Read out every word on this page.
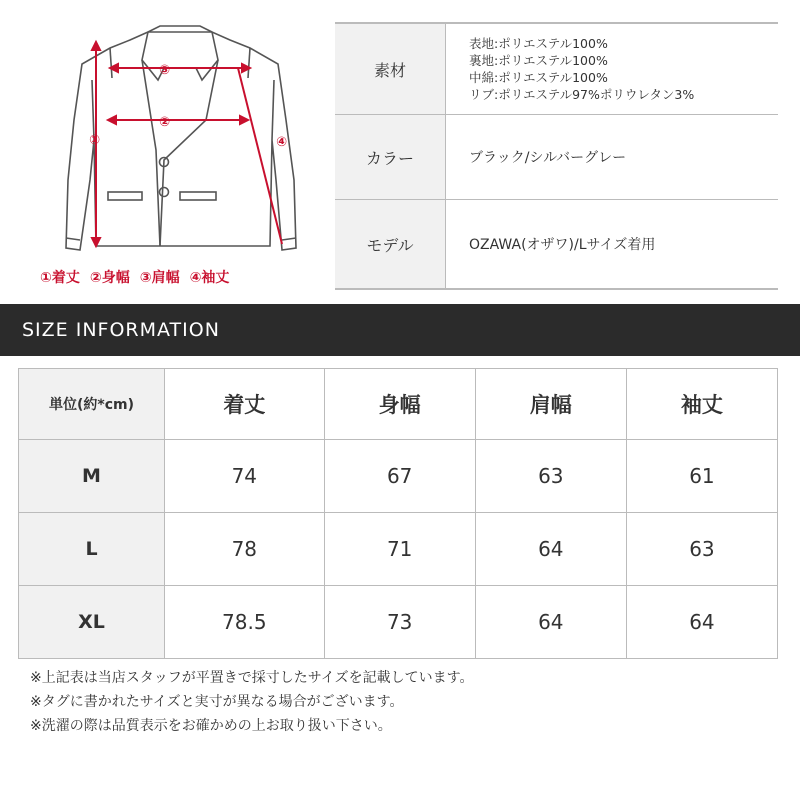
③
②
①	④
①着丈 ②身幅 ③肩幅 ④袖丈
素材
表地:ポリエステル100%
裏地:ポリエステル100%
中綿:ポリエステル100%
リブ:ポリエステル97%ポリウレタン3%
カラー	ブラック/シルバーグレー
モデル	OZAWA(オザワ)/Lサイズ着用
SIZE INFORMATION
単位(約*cm)	着丈	身幅	肩幅	袖丈
M	74	67	63	61
L	78	71	64	63
XL	78.5	73	64	64
※上記表は当店スタッフが平置きで採寸したサイズを記載しています。
※タグに書かれたサイズと実寸が異なる場合がございます。
※洗濯の際は品質表示をお確かめの上お取り扱い下さい。
